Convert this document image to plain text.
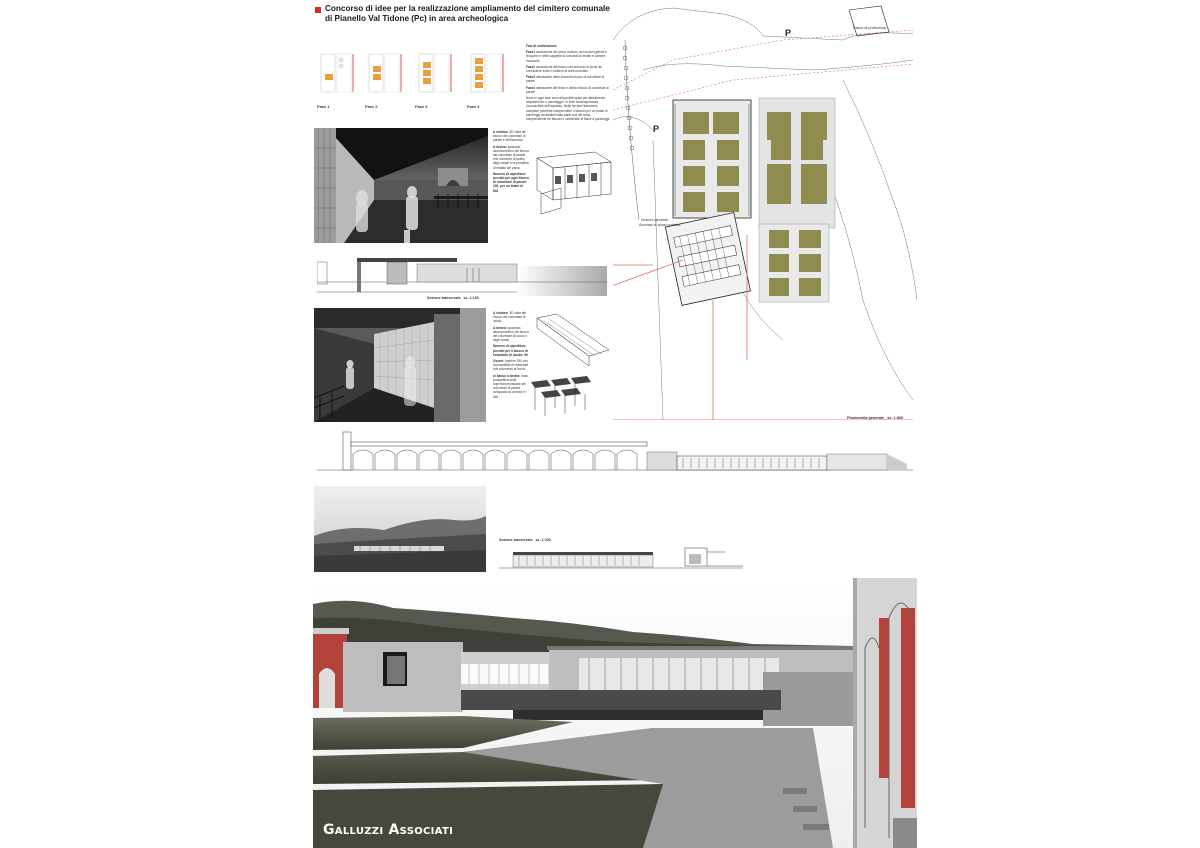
Concorso di idee per la realizzazione ampliamento del cimitero comunale di Pianello Val Tidone (Pc) in area archeologica

Fase 1	Fase 2	Fase 3	Fase 4

Fasi di realizzazione

Fase1 costruzione del primo modulo, dei servizi igienici e recupero e delle cappelle di comunali di esiste e camere mortuarie

Fase2 costruzione del blocco del secondo di loculi da concludere sotto il cimitero di area nord-lato

Fase3 ultimazione della seconda blocco di colombari di parete

Fase4 ultimazione del terzo e ultimo blocco di colombari di parete

Nota: in ogni fase sono disponibili spazi per allestimento, ampliamento e parcheggio, in forte contemporanea riconoscibile dell'impianto. Nelle tre fasi l'intervento complete potrebbe comprendere 4 blocchi per un totale di parcheggi accessibili dalla parte sud del resto, comprendente tre blocchi e cimiteriale di fasce a parcheggi.

A sinistra: 3D vista del blocco dei colombari di parete e dell'accesso

A destra: spaccato assonometrico del blocco dei colombari di parete, che consente di quello degli ossari e la pensilina di testata del parco

Numero di capsiliture previsti per ogni blocco di colombari di parete: 100, per un totale di 844

Sezione trasversale_ sc. 1:100

A sinistra: 3D vista dei blocco dei colombari di loculo

A destra: spaccato assonometrico del blocco dei colombari di loculo e degli ossari

Numero di capsiliture previsti per il blocco di colombari di loculo: 96

Ossari: numero 190 con la possibilità di realizzarli con colombari di loculo

In basso a destra: vista prospettica della copertura modulare dei colombari di parete sviluppato ai corridoi e i lotti

P
P
Sezioni generali
Accesso e spazi pubblici
Fasce di protezione
Planimetria generale_ sc. 1:500
Sezione trasversale_ sc. 1:200
Galluzzi Associati
